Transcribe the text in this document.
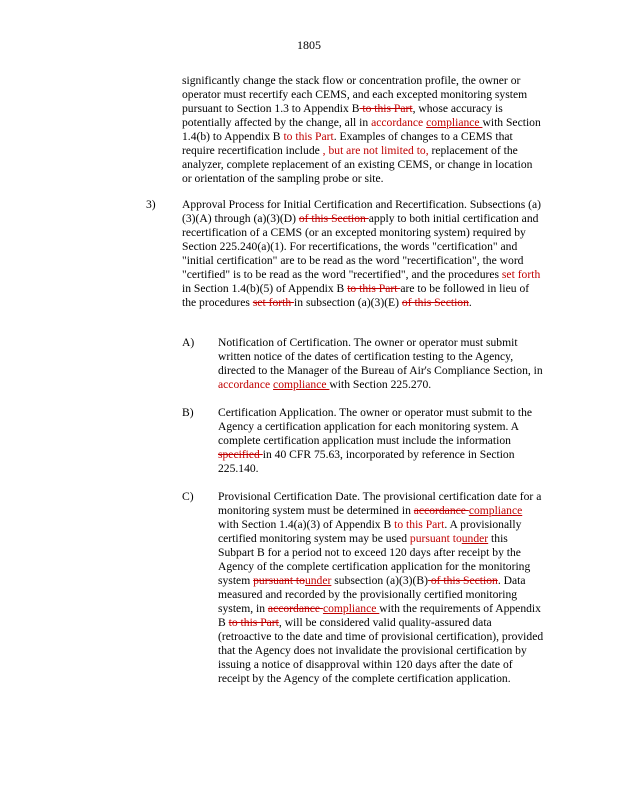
1805

significantly change the stack flow or concentration profile, the owner or operator must recertify each CEMS, and each excepted monitoring system pursuant to Section 1.3 to Appendix B to this Part, whose accuracy is potentially affected by the change, all in accordance compliance with Section 1.4(b) to Appendix B to this Part. Examples of changes to a CEMS that require recertification include , but are not limited to, replacement of the analyzer, complete replacement of an existing CEMS, or change in location or orientation of the sampling probe or site.

3) Approval Process for Initial Certification and Recertification. Subsections (a)(3)(A) through (a)(3)(D) of this Section apply to both initial certification and recertification of a CEMS (or an excepted monitoring system) required by Section 225.240(a)(1). For recertifications, the words "certification" and "initial certification" are to be read as the word "recertification", the word "certified" is to be read as the word "recertified", and the procedures set forth in Section 1.4(b)(5) of Appendix B to this Part are to be followed in lieu of the procedures set forth in subsection (a)(3)(E) of this Section.

A) Notification of Certification. The owner or operator must submit written notice of the dates of certification testing to the Agency, directed to the Manager of the Bureau of Air's Compliance Section, in accordance compliance with Section 225.270.

B) Certification Application. The owner or operator must submit to the Agency a certification application for each monitoring system. A complete certification application must include the information specified in 40 CFR 75.63, incorporated by reference in Section 225.140.

C) Provisional Certification Date. The provisional certification date for a monitoring system must be determined in accordance compliance with Section 1.4(a)(3) of Appendix B to this Part. A provisionally certified monitoring system may be used pursuant tounder this Subpart B for a period not to exceed 120 days after receipt by the Agency of the complete certification application for the monitoring system pursuant tounder subsection (a)(3)(B) of this Section. Data measured and recorded by the provisionally certified monitoring system, in accordance compliance with the requirements of Appendix B to this Part, will be considered valid quality-assured data (retroactive to the date and time of provisional certification), provided that the Agency does not invalidate the provisional certification by issuing a notice of disapproval within 120 days after the date of receipt by the Agency of the complete certification application.
